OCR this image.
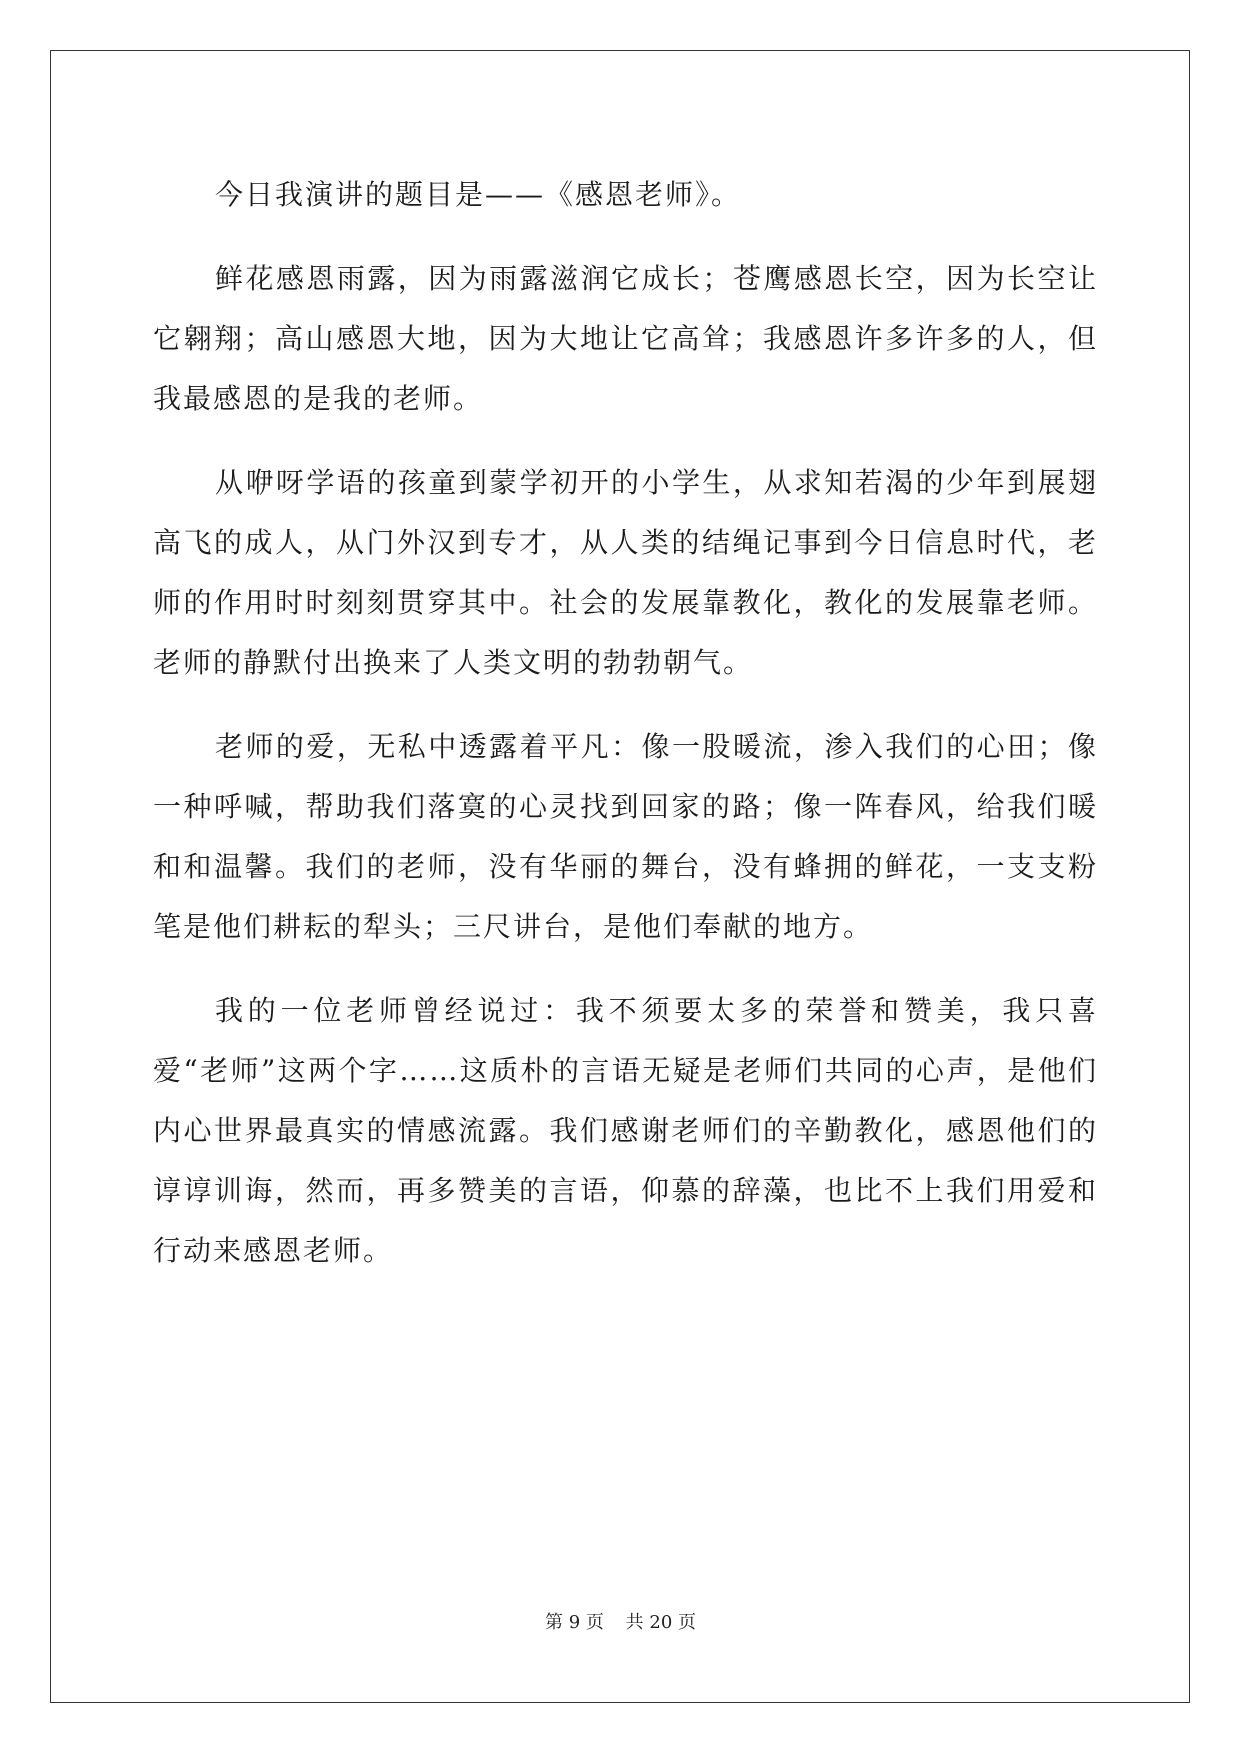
今日我演讲的题目是——《感恩老师》。

鲜花感恩雨露，因为雨露滋润它成长；苍鹰感恩长空，因为长空让它翱翔；高山感恩大地，因为大地让它高耸；我感恩许多许多的人，但我最感恩的是我的老师。

从咿呀学语的孩童到蒙学初开的小学生，从求知若渴的少年到展翅高飞的成人，从门外汉到专才，从人类的结绳记事到今日信息时代，老师的作用时时刻刻贯穿其中。社会的发展靠教化，教化的发展靠老师。老师的静默付出换来了人类文明的勃勃朝气。

老师的爱，无私中透露着平凡：像一股暖流，渗入我们的心田；像一种呼喊，帮助我们落寞的心灵找到回家的路；像一阵春风，给我们暖和和温馨。我们的老师，没有华丽的舞台，没有蜂拥的鲜花，一支支粉笔是他们耕耘的犁头；三尺讲台，是他们奉献的地方。

我的一位老师曾经说过：我不须要太多的荣誉和赞美，我只喜爱“老师”这两个字……这质朴的言语无疑是老师们共同的心声，是他们内心世界最真实的情感流露。我们感谢老师们的辛勤教化，感恩他们的谆谆训诲，然而，再多赞美的言语，仰慕的辞藻，也比不上我们用爱和行动来感恩老师。

第 9 页 共 20 页
